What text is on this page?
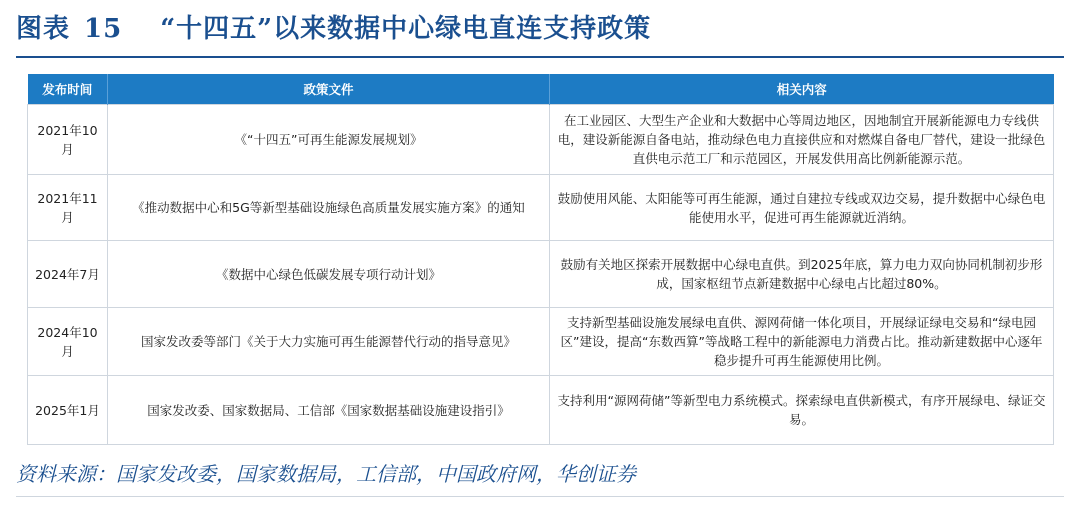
图表 15 “十四五”以来数据中心绿电直连支持政策
发布时间	政策文件	相关内容
2021年10月	《“十四五”可再生能源发展规划》	在工业园区、大型生产企业和大数据中心等周边地区，因地制宜开展新能源电力专线供电，建设新能源自备电站，推动绿色电力直接供应和对燃煤自备电厂替代，建设一批绿色直供电示范工厂和示范园区，开展发供用高比例新能源示范。
2021年11月	《推动数据中心和5G等新型基础设施绿色高质量发展实施方案》的通知	鼓励使用风能、太阳能等可再生能源，通过自建拉专线或双边交易，提升数据中心绿色电能使用水平，促进可再生能源就近消纳。
2024年7月	《数据中心绿色低碳发展专项行动计划》	鼓励有关地区探索开展数据中心绿电直供。到2025年底，算力电力双向协同机制初步形成，国家枢纽节点新建数据中心绿电占比超过80%。
2024年10月	国家发改委等部门《关于大力实施可再生能源替代行动的指导意见》	支持新型基础设施发展绿电直供、源网荷储一体化项目，开展绿证绿电交易和“绿电园区”建设，提高“东数西算”等战略工程中的新能源电力消费占比。推动新建数据中心逐年稳步提升可再生能源使用比例。
2025年1月	国家发改委、国家数据局、工信部《国家数据基础设施建设指引》	支持利用“源网荷储”等新型电力系统模式。探索绿电直供新模式，有序开展绿电、绿证交易。
资料来源：国家发改委，国家数据局，工信部，中国政府网，华创证券
